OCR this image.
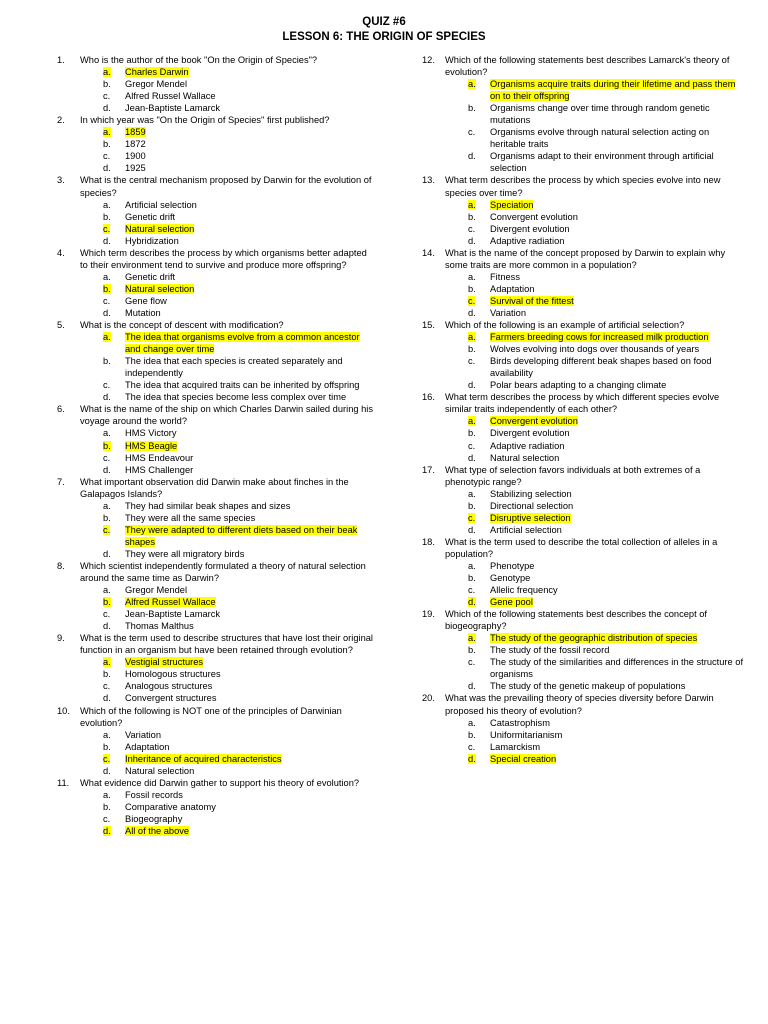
QUIZ #6
LESSON 6: THE ORIGIN OF SPECIES
1.	Who is the author of the book "On the Origin of Species"?
a.	Charles Darwin
b.	Gregor Mendel
c.	Alfred Russel Wallace
d.	Jean-Baptiste Lamarck
2.	In which year was "On the Origin of Species" first published?
a.	1859
b.	1872
c.	1900
d.	1925
3.	What is the central mechanism proposed by Darwin for the evolution of species?
a.	Artificial selection
b.	Genetic drift
c.	Natural selection
d.	Hybridization
4.	Which term describes the process by which organisms better adapted to their environment tend to survive and produce more offspring?
a.	Genetic drift
b.	Natural selection
c.	Gene flow
d.	Mutation
5.	What is the concept of descent with modification?
a.	The idea that organisms evolve from a common ancestor and change over time
b.	The idea that each species is created separately and independently
c.	The idea that acquired traits can be inherited by offspring
d.	The idea that species become less complex over time
6.	What is the name of the ship on which Charles Darwin sailed during his voyage around the world?
a.	HMS Victory
b.	HMS Beagle
c.	HMS Endeavour
d.	HMS Challenger
7.	What important observation did Darwin make about finches in the Galapagos Islands?
a.	They had similar beak shapes and sizes
b.	They were all the same species
c.	They were adapted to different diets based on their beak shapes
d.	They were all migratory birds
8.	Which scientist independently formulated a theory of natural selection around the same time as Darwin?
a.	Gregor Mendel
b.	Alfred Russel Wallace
c.	Jean-Baptiste Lamarck
d.	Thomas Malthus
9.	What is the term used to describe structures that have lost their original function in an organism but have been retained through evolution?
a.	Vestigial structures
b.	Homologous structures
c.	Analogous structures
d.	Convergent structures
10.	Which of the following is NOT one of the principles of Darwinian evolution?
a.	Variation
b.	Adaptation
c.	Inheritance of acquired characteristics
d.	Natural selection
11.	What evidence did Darwin gather to support his theory of evolution?
a.	Fossil records
b.	Comparative anatomy
c.	Biogeography
d.	All of the above
12.	Which of the following statements best describes Lamarck's theory of evolution?
a.	Organisms acquire traits during their lifetime and pass them on to their offspring
b.	Organisms change over time through random genetic mutations
c.	Organisms evolve through natural selection acting on heritable traits
d.	Organisms adapt to their environment through artificial selection
13.	What term describes the process by which species evolve into new species over time?
a.	Speciation
b.	Convergent evolution
c.	Divergent evolution
d.	Adaptive radiation
14.	What is the name of the concept proposed by Darwin to explain why some traits are more common in a population?
a.	Fitness
b.	Adaptation
c.	Survival of the fittest
d.	Variation
15.	Which of the following is an example of artificial selection?
a.	Farmers breeding cows for increased milk production
b.	Wolves evolving into dogs over thousands of years
c.	Birds developing different beak shapes based on food availability
d.	Polar bears adapting to a changing climate
16.	What term describes the process by which different species evolve similar traits independently of each other?
a.	Convergent evolution
b.	Divergent evolution
c.	Adaptive radiation
d.	Natural selection
17.	What type of selection favors individuals at both extremes of a phenotypic range?
a.	Stabilizing selection
b.	Directional selection
c.	Disruptive selection
d.	Artificial selection
18.	What is the term used to describe the total collection of alleles in a population?
a.	Phenotype
b.	Genotype
c.	Allelic frequency
d.	Gene pool
19.	Which of the following statements best describes the concept of biogeography?
a.	The study of the geographic distribution of species
b.	The study of the fossil record
c.	The study of the similarities and differences in the structure of organisms
d.	The study of the genetic makeup of populations
20.	What was the prevailing theory of species diversity before Darwin proposed his theory of evolution?
a.	Catastrophism
b.	Uniformitarianism
c.	Lamarckism
d.	Special creation
